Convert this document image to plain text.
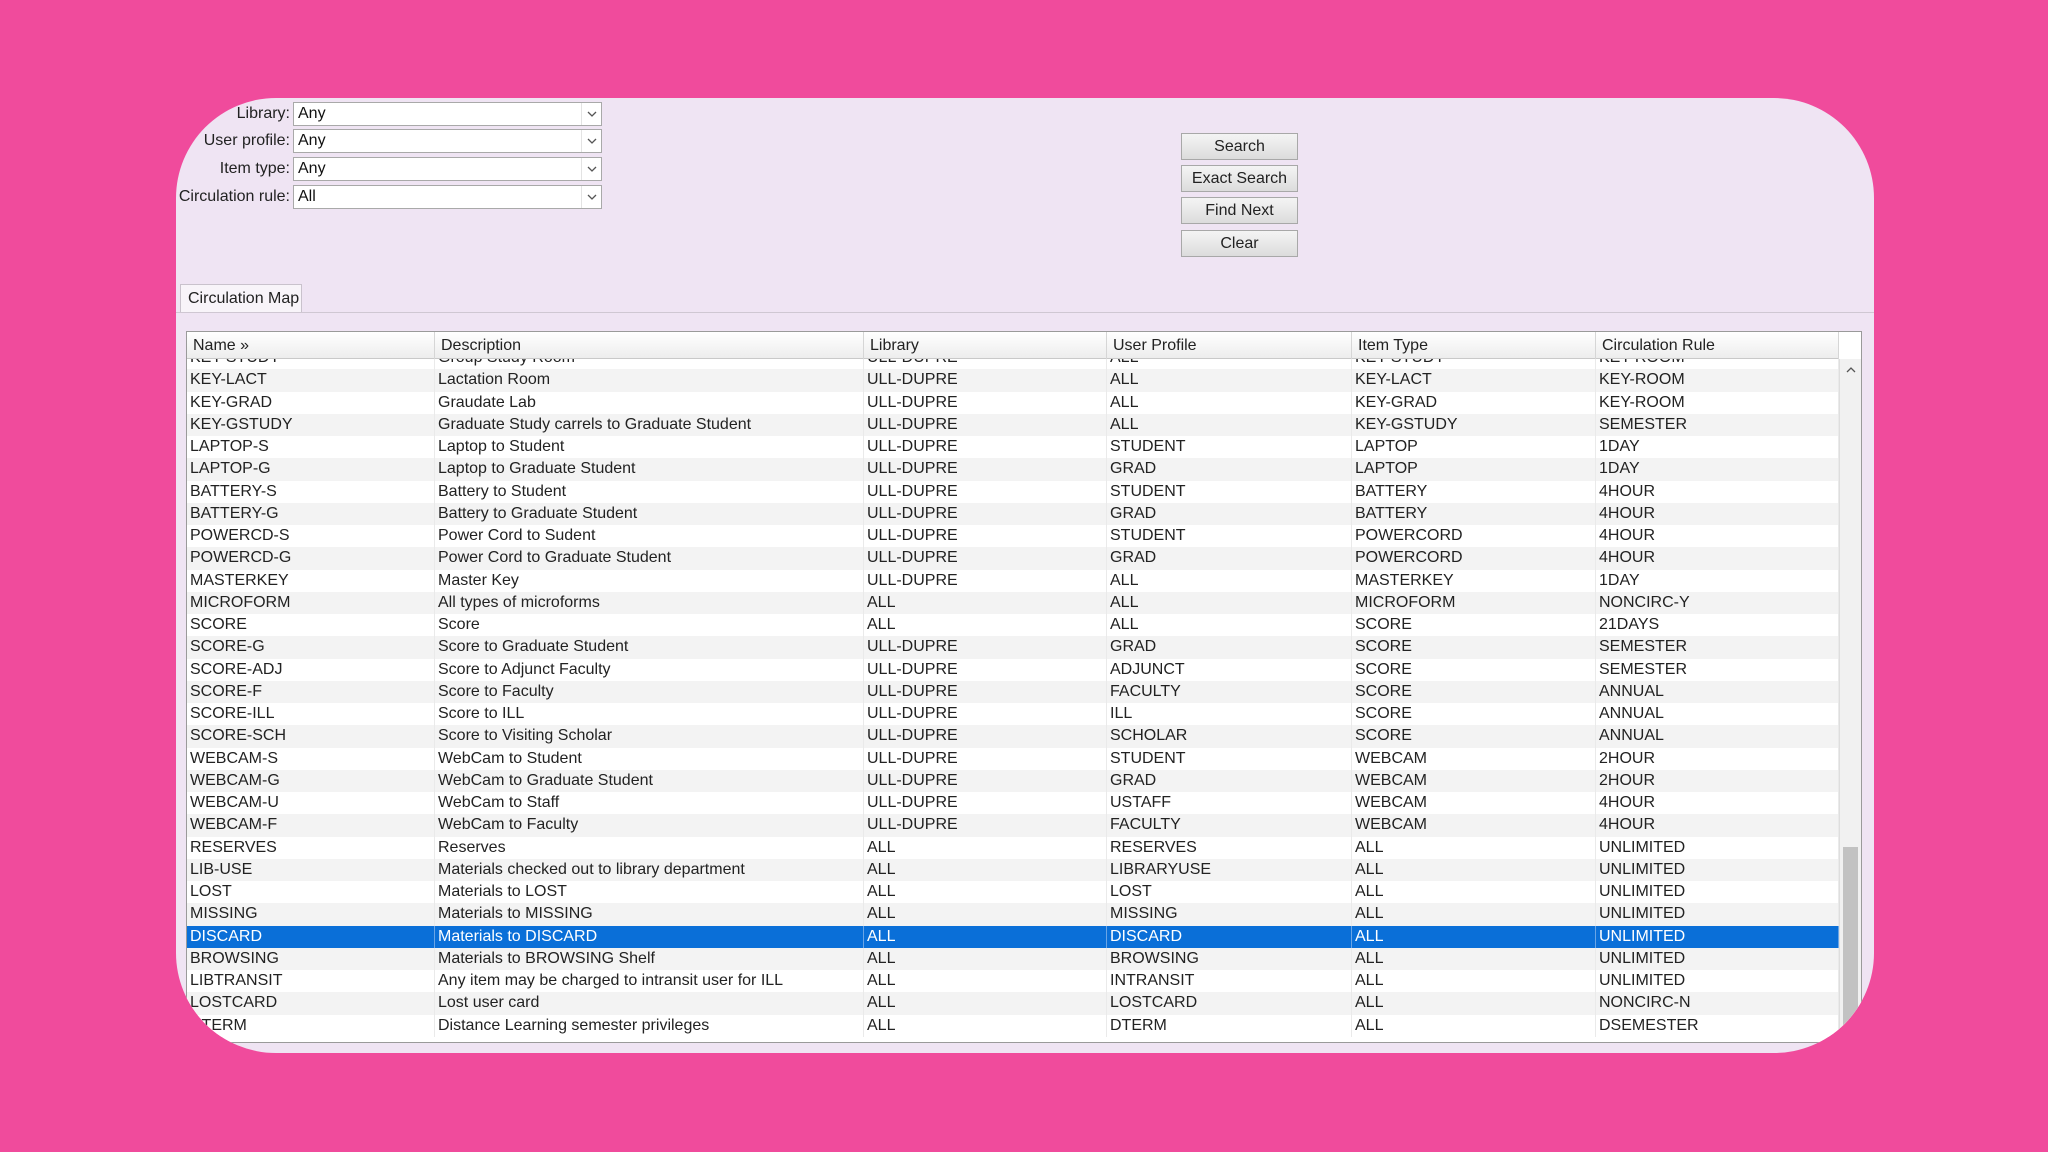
Library: Any
User profile: Any
Item type: Any
Circulation rule: All
Search
Exact Search
Find Next
Clear
Circulation Map
Name »	Description	Library	User Profile	Item Type	Circulation Rule
KEY-LACT	Lactation Room	ULL-DUPRE	ALL	KEY-LACT	KEY-ROOM
KEY-GRAD	Graudate Lab	ULL-DUPRE	ALL	KEY-GRAD	KEY-ROOM
KEY-GSTUDY	Graduate Study carrels to Graduate Student	ULL-DUPRE	ALL	KEY-GSTUDY	SEMESTER
LAPTOP-S	Laptop to Student	ULL-DUPRE	STUDENT	LAPTOP	1DAY
LAPTOP-G	Laptop to Graduate Student	ULL-DUPRE	GRAD	LAPTOP	1DAY
BATTERY-S	Battery to Student	ULL-DUPRE	STUDENT	BATTERY	4HOUR
BATTERY-G	Battery to Graduate Student	ULL-DUPRE	GRAD	BATTERY	4HOUR
POWERCD-S	Power Cord to Sudent	ULL-DUPRE	STUDENT	POWERCORD	4HOUR
POWERCD-G	Power Cord to Graduate Student	ULL-DUPRE	GRAD	POWERCORD	4HOUR
MASTERKEY	Master Key	ULL-DUPRE	ALL	MASTERKEY	1DAY
MICROFORM	All types of microforms	ALL	ALL	MICROFORM	NONCIRC-Y
SCORE	Score	ALL	ALL	SCORE	21DAYS
SCORE-G	Score to Graduate Student	ULL-DUPRE	GRAD	SCORE	SEMESTER
SCORE-ADJ	Score to Adjunct Faculty	ULL-DUPRE	ADJUNCT	SCORE	SEMESTER
SCORE-F	Score to Faculty	ULL-DUPRE	FACULTY	SCORE	ANNUAL
SCORE-ILL	Score to ILL	ULL-DUPRE	ILL	SCORE	ANNUAL
SCORE-SCH	Score to Visiting Scholar	ULL-DUPRE	SCHOLAR	SCORE	ANNUAL
WEBCAM-S	WebCam to Student	ULL-DUPRE	STUDENT	WEBCAM	2HOUR
WEBCAM-G	WebCam to Graduate Student	ULL-DUPRE	GRAD	WEBCAM	2HOUR
WEBCAM-U	WebCam to Staff	ULL-DUPRE	USTAFF	WEBCAM	4HOUR
WEBCAM-F	WebCam to Faculty	ULL-DUPRE	FACULTY	WEBCAM	4HOUR
RESERVES	Reserves	ALL	RESERVES	ALL	UNLIMITED
LIB-USE	Materials checked out to library department	ALL	LIBRARYUSE	ALL	UNLIMITED
LOST	Materials to LOST	ALL	LOST	ALL	UNLIMITED
MISSING	Materials to MISSING	ALL	MISSING	ALL	UNLIMITED
DISCARD	Materials to DISCARD	ALL	DISCARD	ALL	UNLIMITED
BROWSING	Materials to BROWSING Shelf	ALL	BROWSING	ALL	UNLIMITED
LIBTRANSIT	Any item may be charged to intransit user for ILL	ALL	INTRANSIT	ALL	UNLIMITED
LOSTCARD	Lost user card	ALL	LOSTCARD	ALL	NONCIRC-N
DTERM	Distance Learning semester privileges	ALL	DTERM	ALL	DSEMESTER
